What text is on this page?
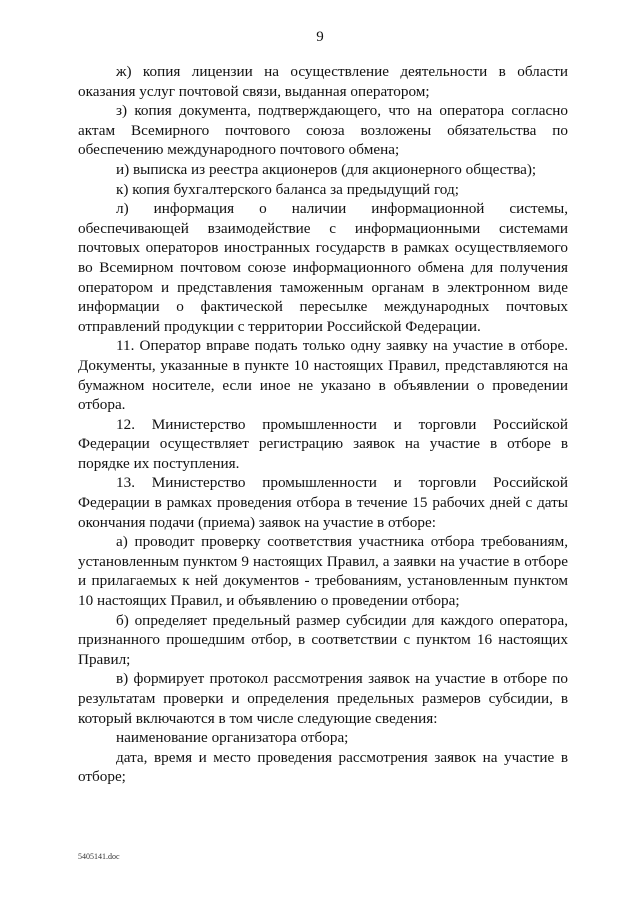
9

ж) копия лицензии на осуществление деятельности в области оказания услуг почтовой связи, выданная оператором;

з) копия документа, подтверждающего, что на оператора согласно актам Всемирного почтового союза возложены обязательства по обеспечению международного почтового обмена;

и) выписка из реестра акционеров (для акционерного общества);

к) копия бухгалтерского баланса за предыдущий год;

л) информация о наличии информационной системы, обеспечивающей взаимодействие с информационными системами почтовых операторов иностранных государств в рамках осуществляемого во Всемирном почтовом союзе информационного обмена для получения оператором и представления таможенным органам в электронном виде информации о фактической пересылке международных почтовых отправлений продукции с территории Российской Федерации.

11. Оператор вправе подать только одну заявку на участие в отборе. Документы, указанные в пункте 10 настоящих Правил, представляются на бумажном носителе, если иное не указано в объявлении о проведении отбора.

12. Министерство промышленности и торговли Российской Федерации осуществляет регистрацию заявок на участие в отборе в порядке их поступления.

13. Министерство промышленности и торговли Российской Федерации в рамках проведения отбора в течение 15 рабочих дней с даты окончания подачи (приема) заявок на участие в отборе:

а) проводит проверку соответствия участника отбора требованиям, установленным пунктом 9 настоящих Правил, а заявки на участие в отборе и прилагаемых к ней документов - требованиям, установленным пунктом 10 настоящих Правил, и объявлению о проведении отбора;

б) определяет предельный размер субсидии для каждого оператора, признанного прошедшим отбор, в соответствии с пунктом 16 настоящих Правил;

в) формирует протокол рассмотрения заявок на участие в отборе по результатам проверки и определения предельных размеров субсидии, в который включаются в том числе следующие сведения:

наименование организатора отбора;

дата, время и место проведения рассмотрения заявок на участие в отборе;

5405141.doc
